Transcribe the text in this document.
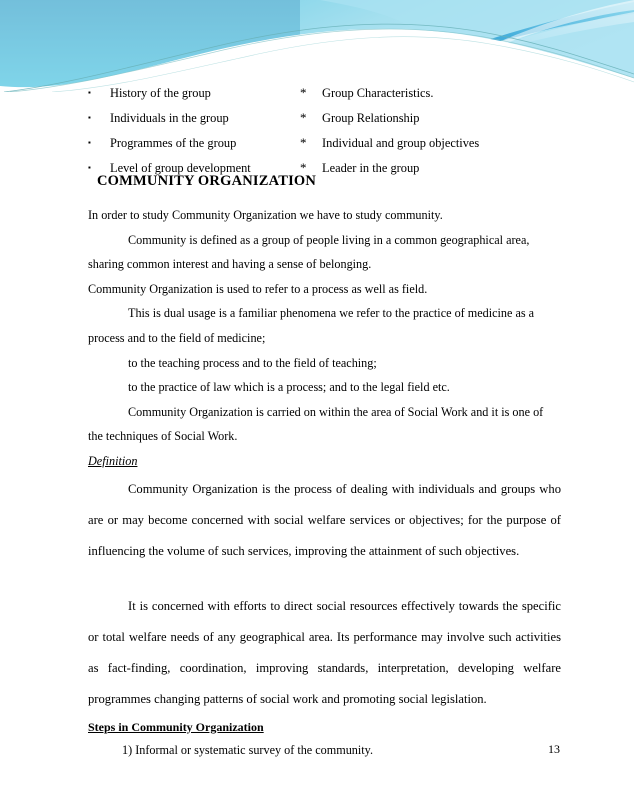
▪	History of the group	*	Group Characteristics.
▪	Individuals in the group	*	Group Relationship
▪	Programmes of the group	*	Individual and group objectives
▪	Level of group development	*	Leader in the group
COMMUNITY ORGANIZATION

In order to study Community Organization we have to study community.

Community is defined as a group of people living in a common geographical area, sharing common interest and having a sense of belonging.

Community Organization is used to refer to a process as well as field.

This is dual usage is a familiar phenomena we refer to the practice of medicine as a process and to the field of medicine;

to the teaching process and to the field of teaching;

to the practice of law which is a process; and to the legal field etc.

Community Organization is carried on within the area of Social Work and it is one of the techniques of Social Work.

Definition

Community Organization is the process of dealing with individuals and groups who are or may become concerned with social welfare services or objectives; for the purpose of influencing the volume of such services, improving the attainment of such objectives.

It is concerned with efforts to direct social resources effectively towards the specific or total welfare needs of any geographical area. Its performance may involve such activities as fact-finding, coordination, improving standards, interpretation, developing welfare programmes changing patterns of social work and promoting social legislation.

Steps in Community Organization

1) Informal or systematic survey of the community.	13
